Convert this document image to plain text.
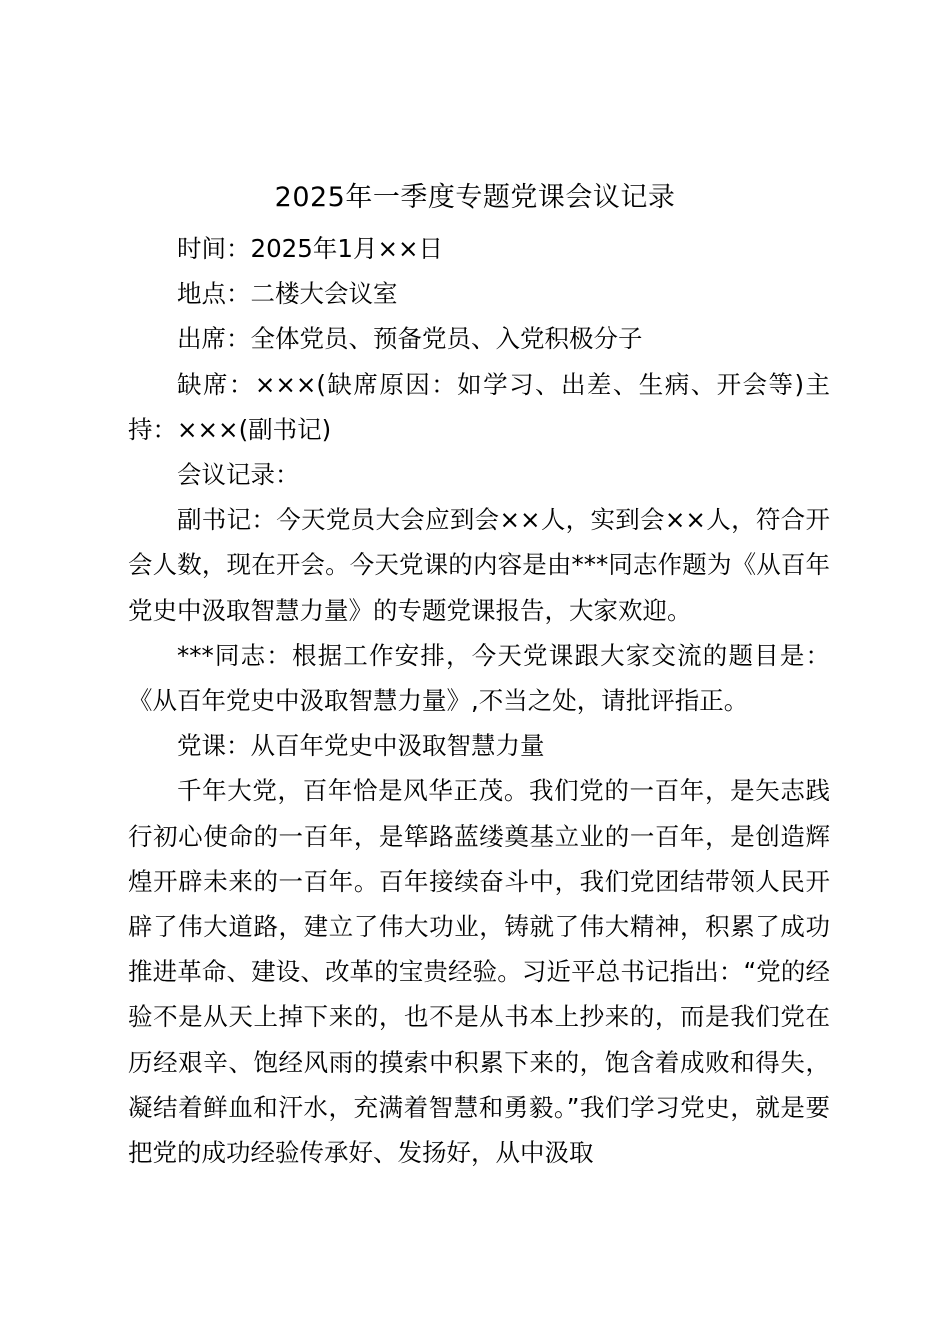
2025年一季度专题党课会议记录

时间：2025年1月××日

地点：二楼大会议室

出席：全体党员、预备党员、入党积极分子

缺席：×××(缺席原因：如学习、出差、生病、开会等)主持：×××(副书记)

会议记录：

副书记：今天党员大会应到会××人，实到会××人，符合开会人数，现在开会。今天党课的内容是由***同志作题为《从百年党史中汲取智慧力量》的专题党课报告，大家欢迎。

***同志：根据工作安排，今天党课跟大家交流的题目是：《从百年党史中汲取智慧力量》,不当之处，请批评指正。

党课：从百年党史中汲取智慧力量

千年大党，百年恰是风华正茂。我们党的一百年，是矢志践行初心使命的一百年，是筚路蓝缕奠基立业的一百年，是创造辉煌开辟未来的一百年。百年接续奋斗中，我们党团结带领人民开辟了伟大道路，建立了伟大功业，铸就了伟大精神，积累了成功推进革命、建设、改革的宝贵经验。习近平总书记指出：“党的经验不是从天上掉下来的，也不是从书本上抄来的，而是我们党在历经艰辛、饱经风雨的摸索中积累下来的，饱含着成败和得失，凝结着鲜血和汗水，充满着智慧和勇毅。”我们学习党史，就是要把党的成功经验传承好、发扬好，从中汲取
